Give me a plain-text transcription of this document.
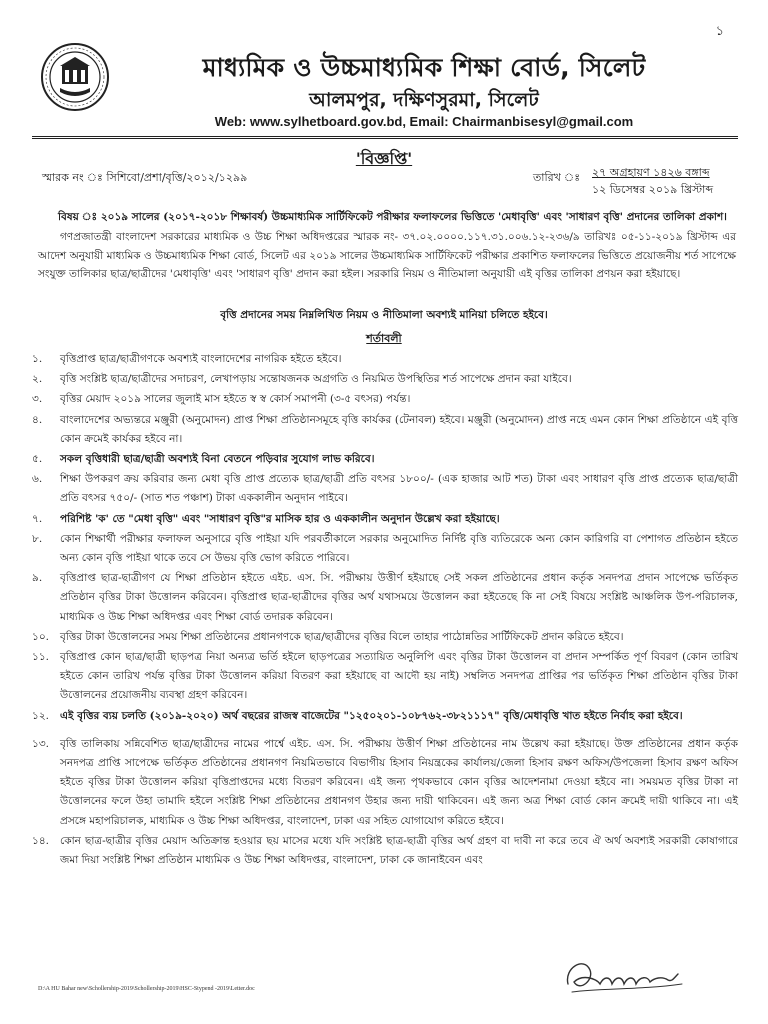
১
মাধ্যমিক ও উচ্চমাধ্যমিক শিক্ষা বোর্ড, সিলেট
আলমপুর, দক্ষিণসুরমা, সিলেট
Web: www.sylhetboard.gov.bd, Email: Chairmanbisesyl@gmail.com
'বিজ্ঞপ্তি'
স্মারক নং ঃ সিশিবো/প্রশা/বৃত্তি/২০১২/১২৯৯	তারিখ ঃ ২৭ অগ্রহায়ণ ১৪২৬ বঙ্গাব্দ
১২ ডিসেম্বর ২০১৯ খ্রিস্টাব্দ
বিষয় ঃ ২০১৯ সালের (২০১৭-২০১৮ শিক্ষাবর্ষ) উচ্চমাধ্যমিক সার্টিফিকেট পরীক্ষার ফলাফলের ভিত্তিতে 'মেধাবৃত্তি' এবং 'সাধারণ বৃত্তি' প্রদানের তালিকা প্রকাশ।
গণপ্রজাতন্ত্রী বাংলাদেশ সরকারের মাধ্যমিক ও উচ্চ শিক্ষা অধিদপ্তরের স্মারক নং- ৩৭.০২.০০০০.১১৭.৩১.০০৬.১২-২৩৬/৯ তারিখঃ ০৫-১১-২০১৯ খ্রিস্টাব্দ এর আদেশ অনুযায়ী মাধ্যমিক ও উচ্চমাধ্যমিক শিক্ষা বোর্ড, সিলেট এর ২০১৯ সালের উচ্চমাধ্যমিক সার্টিফিকেট পরীক্ষার প্রকাশিত ফলাফলের ভিত্তিতে প্রয়োজনীয় শর্ত সাপেক্ষে সংযুক্ত তালিকার ছাত্র/ছাত্রীদের 'মেধাবৃত্তি' এবং 'সাধারণ বৃত্তি' প্রদান করা হইল। সরকারি নিয়ম ও নীতিমালা অনুযায়ী এই বৃত্তির তালিকা প্রণয়ন করা হইয়াছে।
বৃত্তি প্রদানের সময় নিম্নলিখিত নিয়ম ও নীতিমালা অবশ্যই মানিয়া চলিতে হইবে।
শর্তাবলী
১.	বৃত্তিপ্রাপ্ত ছাত্র/ছাত্রীগণকে অবশ্যই বাংলাদেশের নাগরিক হইতে হইবে।
২.	বৃত্তি সংশ্লিষ্ট ছাত্র/ছাত্রীদের সদাচরণ, লেখাপড়ায় সন্তোষজনক অগ্রগতি ও নিয়মিত উপস্থিতির শর্ত সাপেক্ষে প্রদান করা যাইবে।
৩.	বৃত্তির মেয়াদ ২০১৯ সালের জুলাই মাস হইতে স্ব স্ব কোর্স সমাপনী (৩-৫ বৎসর) পর্যন্ত।
৪.	বাংলাদেশের অভ্যন্তরে মঞ্জুরী (অনুমোদন) প্রাপ্ত শিক্ষা প্রতিষ্ঠানসমূহে বৃত্তি কার্যকর (টেনাবল) হইবে। মঞ্জুরী (অনুমোদন) প্রাপ্ত নহে এমন কোন শিক্ষা প্রতিষ্ঠানে এই বৃত্তি কোন ক্রমেই কার্যকর হইবে না।
৫.	সকল বৃত্তিধারী ছাত্র/ছাত্রী অবশ্যই বিনা বেতনে পড়িবার সুযোগ লাভ করিবে।
৬.	শিক্ষা উপকরণ ক্রয় করিবার জন্য মেধা বৃত্তি প্রাপ্ত প্রত্যেক ছাত্র/ছাত্রী প্রতি বৎসর ১৮০০/- (এক হাজার আট শত) টাকা এবং সাধারণ বৃত্তি প্রাপ্ত প্রত্যেক ছাত্র/ছাত্রী প্রতি বৎসর ৭৫০/- (সাত শত পঞ্চাশ) টাকা এককালীন অনুদান পাইবে।
৭.	পরিশিষ্ট 'ক' তে "মেধা বৃত্তি" এবং "সাধারণ বৃত্তি"র মাসিক হার ও এককালীন অনুদান উল্লেখ করা হইয়াছে।
৮.	কোন শিক্ষার্থী পরীক্ষার ফলাফল অনুসারে বৃত্তি পাইয়া যদি পরবর্তীকালে সরকার অনুমোদিত নির্দিষ্ট বৃত্তি ব্যতিরেকে অন্য কোন কারিগরি বা পেশাগত প্রতিষ্ঠান হইতে অন্য কোন বৃত্তি পাইয়া থাকে তবে সে উভয় বৃত্তি ভোগ করিতে পারিবে।
৯.	বৃত্তিপ্রাপ্ত ছাত্র-ছাত্রীগণ যে শিক্ষা প্রতিষ্ঠান হইতে এইচ. এস. সি. পরীক্ষায় উত্তীর্ণ হইয়াছে সেই সকল প্রতিষ্ঠানের প্রধান কর্তৃক সনদপত্র প্রদান সাপেক্ষে ভর্তিকৃত প্রতিষ্ঠান বৃত্তির টাকা উত্তোলন করিবেন। বৃত্তিপ্রাপ্ত ছাত্র-ছাত্রীদের বৃত্তির অর্থ যথাসময়ে উত্তোলন করা হইতেছে কি না সেই বিষয়ে সংশ্লিষ্ট আঞ্চলিক উপ-পরিচালক, মাধ্যমিক ও উচ্চ শিক্ষা অধিদপ্তর এবং শিক্ষা বোর্ড তদারক করিবেন।
১০.	বৃত্তির টাকা উত্তোলনের সময় শিক্ষা প্রতিষ্ঠানের প্রধানগণকে ছাত্র/ছাত্রীদের বৃত্তির বিলে তাহার পাঠোন্নতির সার্টিফিকেট প্রদান করিতে হইবে।
১১.	বৃত্তিপ্রাপ্ত কোন ছাত্র/ছাত্রী ছাড়পত্র নিয়া অন্যত্র ভর্তি হইলে ছাড়পত্রের সত্যায়িত অনুলিপি এবং বৃত্তির টাকা উত্তোলন বা প্রদান সম্পর্কিত পূর্ণ বিবরণ (কোন তারিখ হইতে কোন তারিখ পর্যন্ত বৃত্তির টাকা উত্তোলন করিয়া বিতরণ করা হইয়াছে বা আদৌ হয় নাই) সম্বলিত সনদপত্র প্রাপ্তির পর ভর্তিকৃত শিক্ষা প্রতিষ্ঠান বৃত্তির টাকা উত্তোলনের প্রয়োজনীয় ব্যবস্থা গ্রহণ করিবেন।
১২.	এই বৃত্তির ব্যয় চলতি (২০১৯-২০২০) অর্থ বছরের রাজস্ব বাজেটের "১২৫০২০১-১০৮৭৬২-৩৮২১১১৭" বৃত্তি/মেধাবৃত্তি খাত হইতে নির্বাহ করা হইবে।
১৩.	বৃত্তি তালিকায় সন্নিবেশিত ছাত্র/ছাত্রীদের নামের পার্শ্বে এইচ. এস. সি. পরীক্ষায় উত্তীর্ণ শিক্ষা প্রতিষ্ঠানের নাম উল্লেখ করা হইয়াছে। উক্ত প্রতিষ্ঠানের প্রধান কর্তৃক সনদপত্র প্রাপ্তি সাপেক্ষে ভর্তিকৃত প্রতিষ্ঠানের প্রধানগণ নিয়মিতভাবে বিভাগীয় হিসাব নিয়ন্ত্রকের কার্যালয়/জেলা হিসাব রক্ষণ অফিস/উপজেলা হিসাব রক্ষণ অফিস হইতে বৃত্তির টাকা উত্তোলন করিয়া বৃত্তিপ্রাপ্তদের মধ্যে বিতরণ করিবেন। এই জন্য পৃথকভাবে কোন বৃত্তির আদেশনামা দেওয়া হইবে না। সময়মত বৃত্তির টাকা না উত্তোলনের ফলে উহা তামাদি হইলে সংশ্লিষ্ট শিক্ষা প্রতিষ্ঠানের প্রধানগণ উহার জন্য দায়ী থাকিবেন। এই জন্য অত্র শিক্ষা বোর্ড কোন ক্রমেই দায়ী থাকিবে না। এই প্রসঙ্গে মহাপরিচালক, মাধ্যমিক ও উচ্চ শিক্ষা অধিদপ্তর, বাংলাদেশ, ঢাকা এর সহিত যোগাযোগ করিতে হইবে।
১৪.	কোন ছাত্র-ছাত্রীর বৃত্তির মেয়াদ অতিক্রান্ত হওয়ার ছয় মাসের মধ্যে যদি সংশ্লিষ্ট ছাত্র-ছাত্রী বৃত্তির অর্থ গ্রহণ বা দাবী না করে তবে ঐ অর্থ অবশ্যই সরকারী কোষাগারে জমা দিয়া সংশ্লিষ্ট শিক্ষা প্রতিষ্ঠান মাধ্যমিক ও উচ্চ শিক্ষা অধিদপ্তর, বাংলাদেশ, ঢাকা কে জানাইবেন এবং
D:\A HU Bahar new\Schollership-2019\Schollership-2019\HSC-Stypend -2019\Letter.doc
